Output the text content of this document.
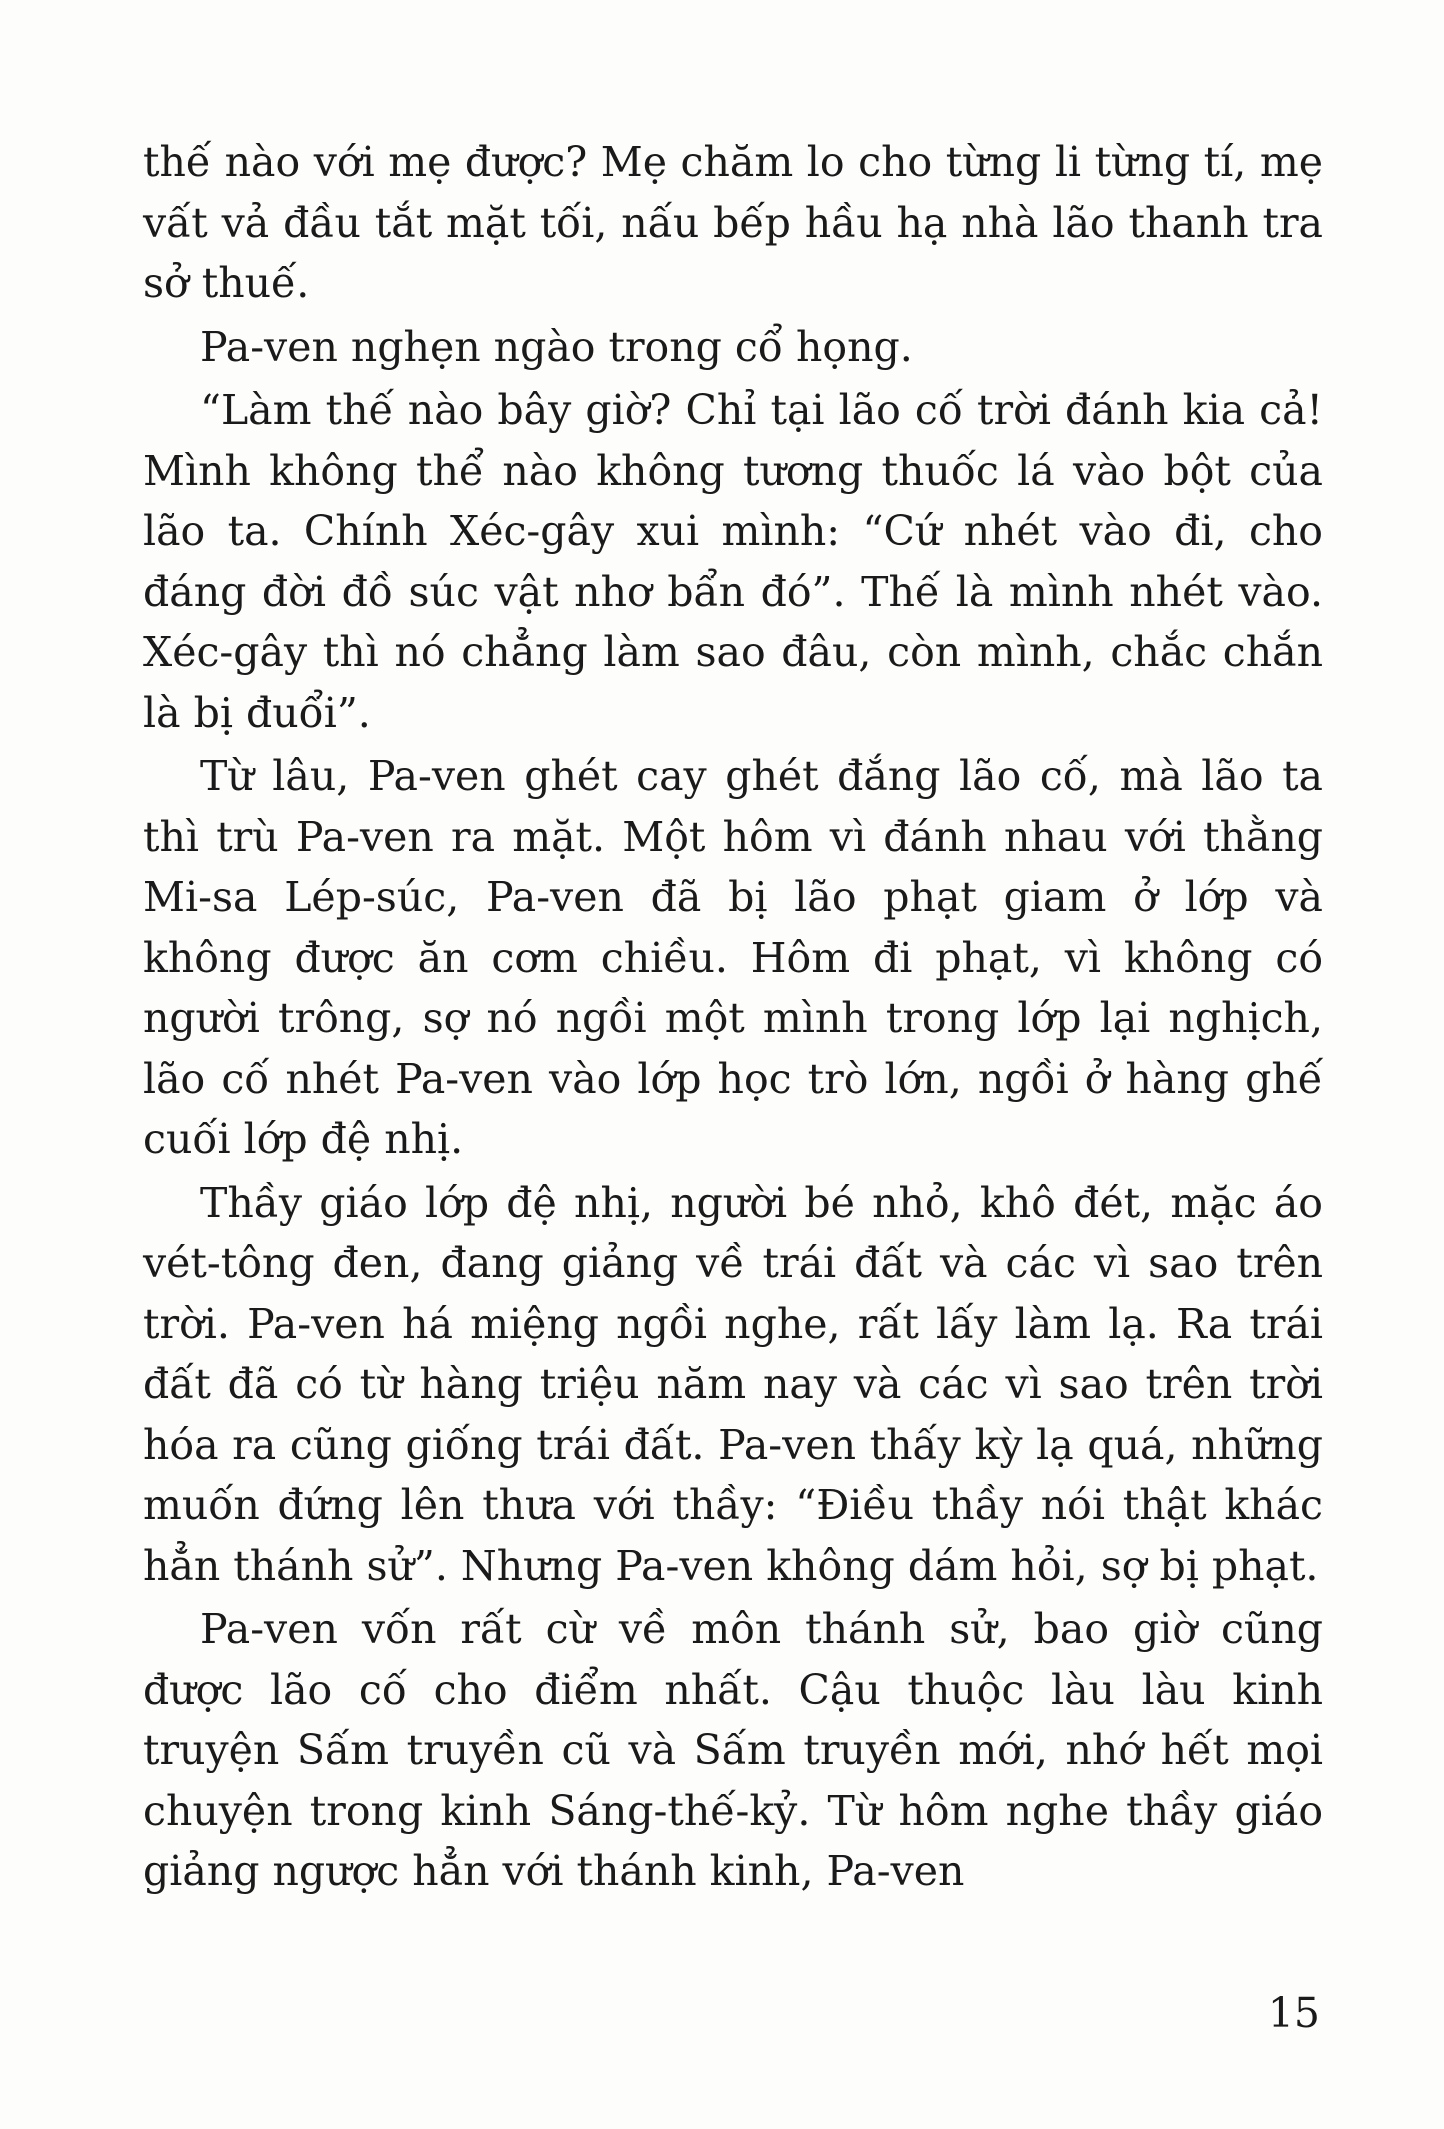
thế nào với mẹ được? Mẹ chăm lo cho từng li từng tí, mẹ vất vả đầu tắt mặt tối, nấu bếp hầu hạ nhà lão thanh tra sở thuế.

Pa-ven nghẹn ngào trong cổ họng.

“Làm thế nào bây giờ? Chỉ tại lão cố trời đánh kia cả! Mình không thể nào không tương thuốc lá vào bột của lão ta. Chính Xéc-gây xui mình: “Cứ nhét vào đi, cho đáng đời đồ súc vật nhơ bẩn đó”. Thế là mình nhét vào. Xéc-gây thì nó chẳng làm sao đâu, còn mình, chắc chắn là bị đuổi”.

Từ lâu, Pa-ven ghét cay ghét đắng lão cố, mà lão ta thì trù Pa-ven ra mặt. Một hôm vì đánh nhau với thằng Mi-sa Lép-súc, Pa-ven đã bị lão phạt giam ở lớp và không được ăn cơm chiều. Hôm đi phạt, vì không có người trông, sợ nó ngồi một mình trong lớp lại nghịch, lão cố nhét Pa-ven vào lớp học trò lớn, ngồi ở hàng ghế cuối lớp đệ nhị.

Thầy giáo lớp đệ nhị, người bé nhỏ, khô đét, mặc áo vét-tông đen, đang giảng về trái đất và các vì sao trên trời. Pa-ven há miệng ngồi nghe, rất lấy làm lạ. Ra trái đất đã có từ hàng triệu năm nay và các vì sao trên trời hóa ra cũng giống trái đất. Pa-ven thấy kỳ lạ quá, những muốn đứng lên thưa với thầy: “Điều thầy nói thật khác hẳn thánh sử”. Nhưng Pa-ven không dám hỏi, sợ bị phạt.

Pa-ven vốn rất cừ về môn thánh sử, bao giờ cũng được lão cố cho điểm nhất. Cậu thuộc làu làu kinh truyện Sấm truyền cũ và Sấm truyền mới, nhớ hết mọi chuyện trong kinh Sáng-thế-kỷ. Từ hôm nghe thầy giáo giảng ngược hẳn với thánh kinh, Pa-ven

15
